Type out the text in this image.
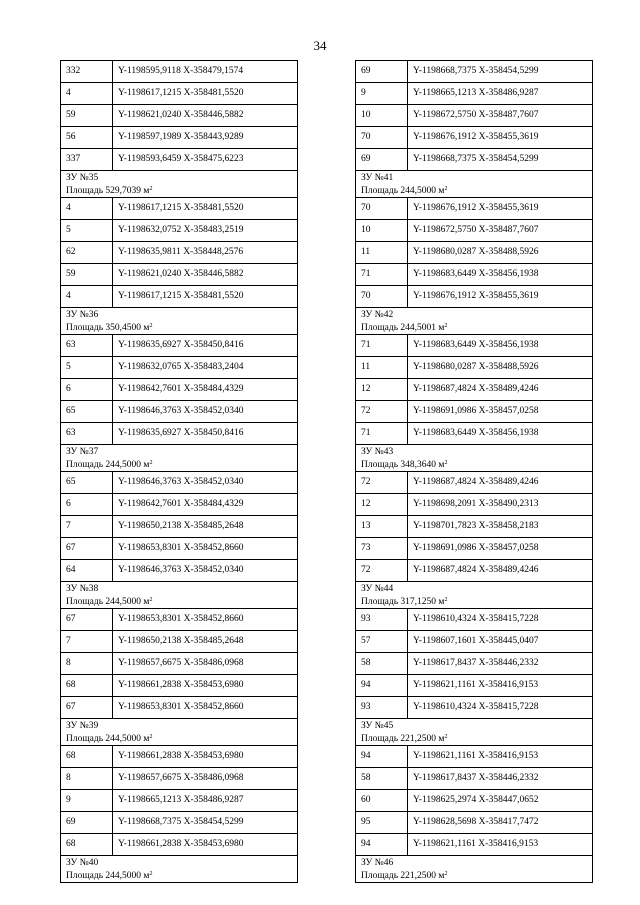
34
332	Y-1198595,9118 X-358479,1574
4	Y-1198617,1215 X-358481,5520
59	Y-1198621,0240 X-358446,5882
56	Y-1198597,1989 X-358443,9289
337	Y-1198593,6459 X-358475,6223

ЗУ №35
Площадь 529,7039 $м^2$

4	Y-1198617,1215 X-358481,5520
5	Y-1198632,0752 X-358483,2519
62	Y-1198635,9811 X-358448,2576
59	Y-1198621,0240 X-358446,5882
4	Y-1198617,1215 X-358481,5520

ЗУ №36
Площадь 350,4500 $м^2$

63	Y-1198635,6927 X-358450,8416
5	Y-1198632,0765 X-358483,2404
6	Y-1198642,7601 X-358484,4329
65	Y-1198646,3763 X-358452,0340
63	Y-1198635,6927 X-358450,8416

ЗУ №37
Площадь 244,5000 $м^2$

65	Y-1198646,3763 X-358452,0340
6	Y-1198642,7601 X-358484,4329
7	Y-1198650,2138 X-358485,2648
67	Y-1198653,8301 X-358452,8660
64	Y-1198646,3763 X-358452,0340

ЗУ №38
Площадь 244,5000 $м^2$

67	Y-1198653,8301 X-358452,8660
7	Y-1198650,2138 X-358485,2648
8	Y-1198657,6675 X-358486,0968
68	Y-1198661,2838 X-358453,6980
67	Y-1198653,8301 X-358452,8660

ЗУ №39
Площадь 244,5000 $м^2$

68	Y-1198661,2838 X-358453,6980
8	Y-1198657,6675 X-358486,0968
9	Y-1198665,1213 X-358486,9287
69	Y-1198668,7375 X-358454,5299
68	Y-1198661,2838 X-358453,6980

ЗУ №40
Площадь 244,5000 $м^2$
69	Y-1198668,7375 X-358454,5299
9	Y-1198665,1213 X-358486,9287
10	Y-1198672,5750 X-358487,7607
70	Y-1198676,1912 X-358455,3619
69	Y-1198668,7375 X-358454,5299

ЗУ №41
Площадь 244,5000 $м^2$

70	Y-1198676,1912 X-358455,3619
10	Y-1198672,5750 X-358487,7607
11	Y-1198680,0287 X-358488,5926
71	Y-1198683,6449 X-358456,1938
70	Y-1198676,1912 X-358455,3619

ЗУ №42
Площадь 244,5001 $м^2$

71	Y-1198683,6449 X-358456,1938
11	Y-1198680,0287 X-358488,5926
12	Y-1198687,4824 X-358489,4246
72	Y-1198691,0986 X-358457,0258
71	Y-1198683,6449 X-358456,1938

ЗУ №43
Площадь 348,3640 $м^2$

72	Y-1198687,4824 X-358489,4246
12	Y-1198698,2091 X-358490,2313
13	Y-1198701,7823 X-358458,2183
73	Y-1198691,0986 X-358457,0258
72	Y-1198687,4824 X-358489,4246

ЗУ №44
Площадь 317,1250 $м^2$

93	Y-1198610,4324 X-358415,7228
57	Y-1198607,1601 X-358445,0407
58	Y-1198617,8437 X-358446,2332
94	Y-1198621,1161 X-358416,9153
93	Y-1198610,4324 X-358415,7228

ЗУ №45
Площадь 221,2500 $м^2$

94	Y-1198621,1161 X-358416,9153
58	Y-1198617,8437 X-358446,2332
60	Y-1198625,2974 X-358447,0652
95	Y-1198628,5698 X-358417,7472
94	Y-1198621,1161 X-358416,9153

ЗУ №46
Площадь 221,2500 $м^2$
